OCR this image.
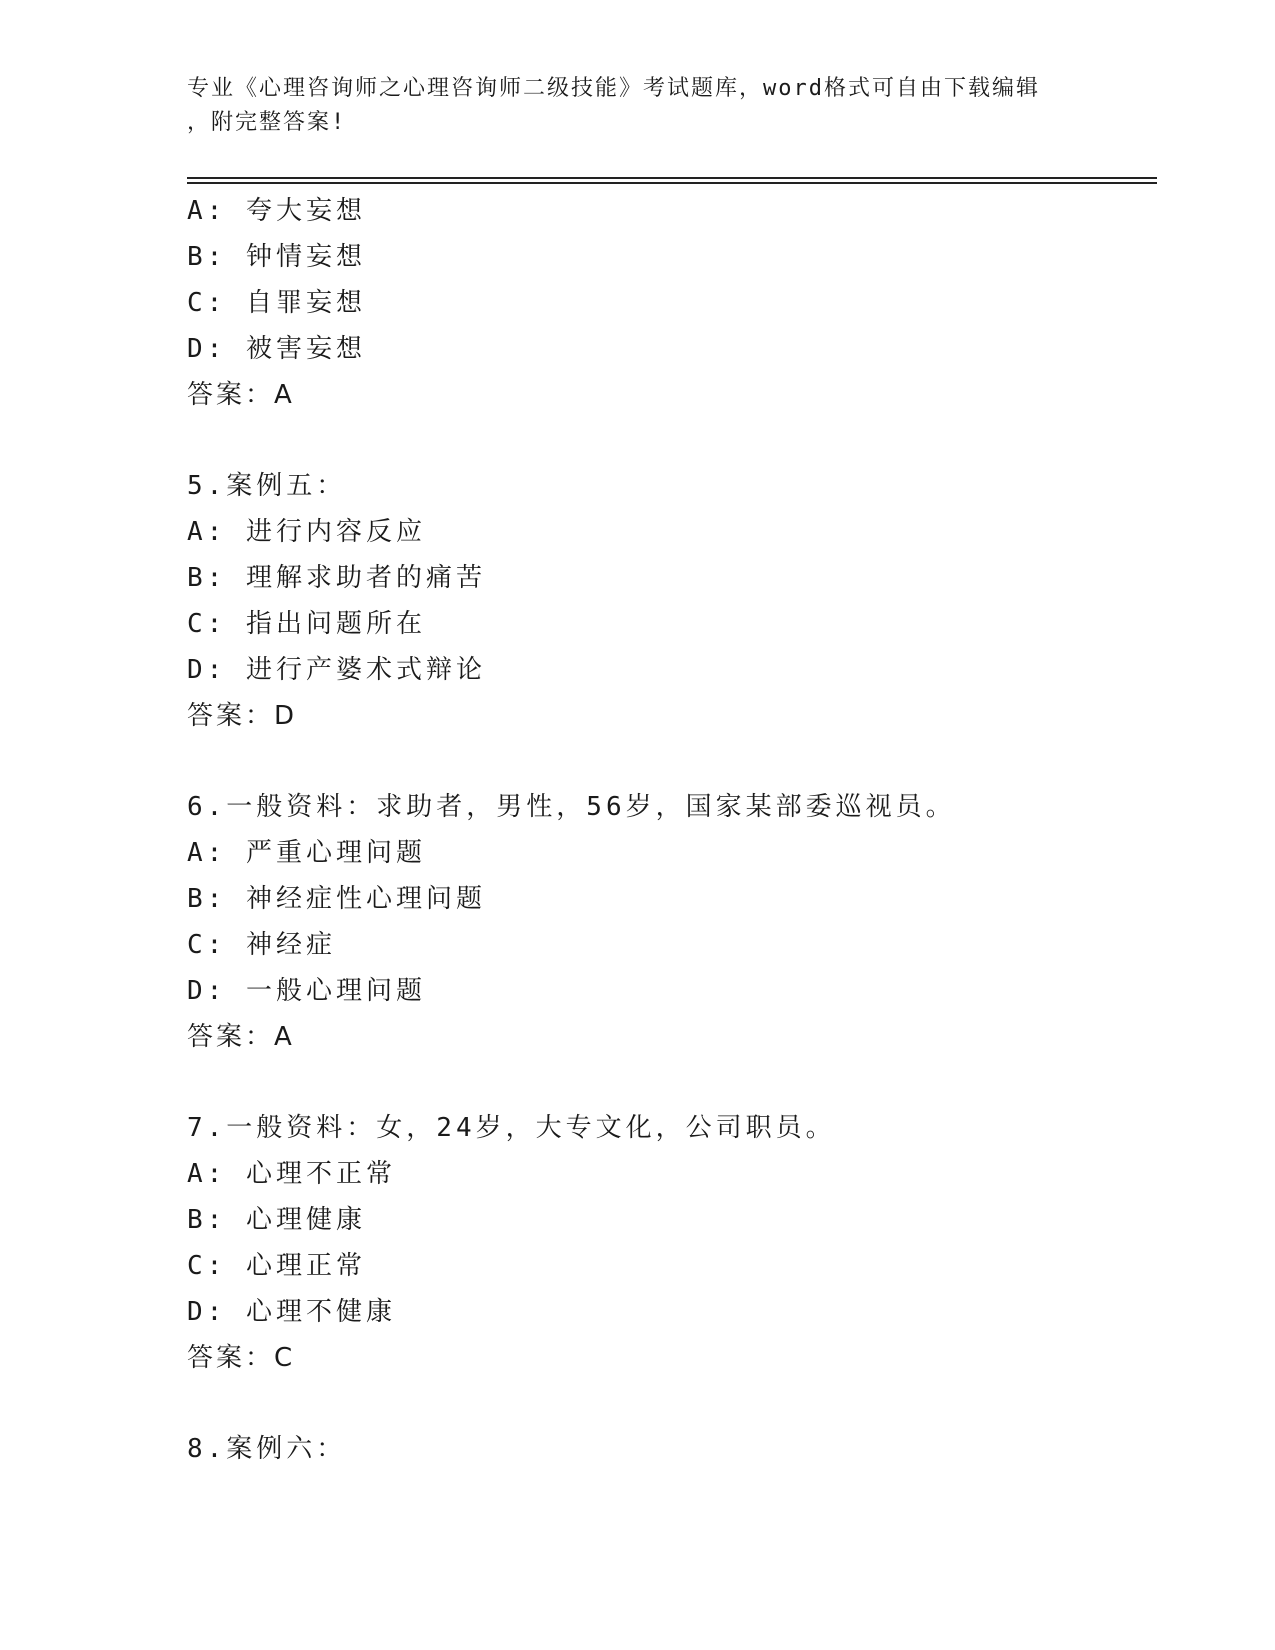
专业《心理咨询师之心理咨询师二级技能》考试题库，word格式可自由下载编辑
，附完整答案!
A: 夸大妄想
B: 钟情妄想
C: 自罪妄想
D: 被害妄想
答案：A
5.案例五：
A: 进行内容反应
B: 理解求助者的痛苦
C: 指出问题所在
D: 进行产婆术式辩论
答案：D
6.一般资料：求助者，男性，56岁，国家某部委巡视员。
A: 严重心理问题
B: 神经症性心理问题
C: 神经症
D: 一般心理问题
答案：A
7.一般资料：女，24岁，大专文化，公司职员。
A: 心理不正常
B: 心理健康
C: 心理正常
D: 心理不健康
答案：C
8.案例六：
